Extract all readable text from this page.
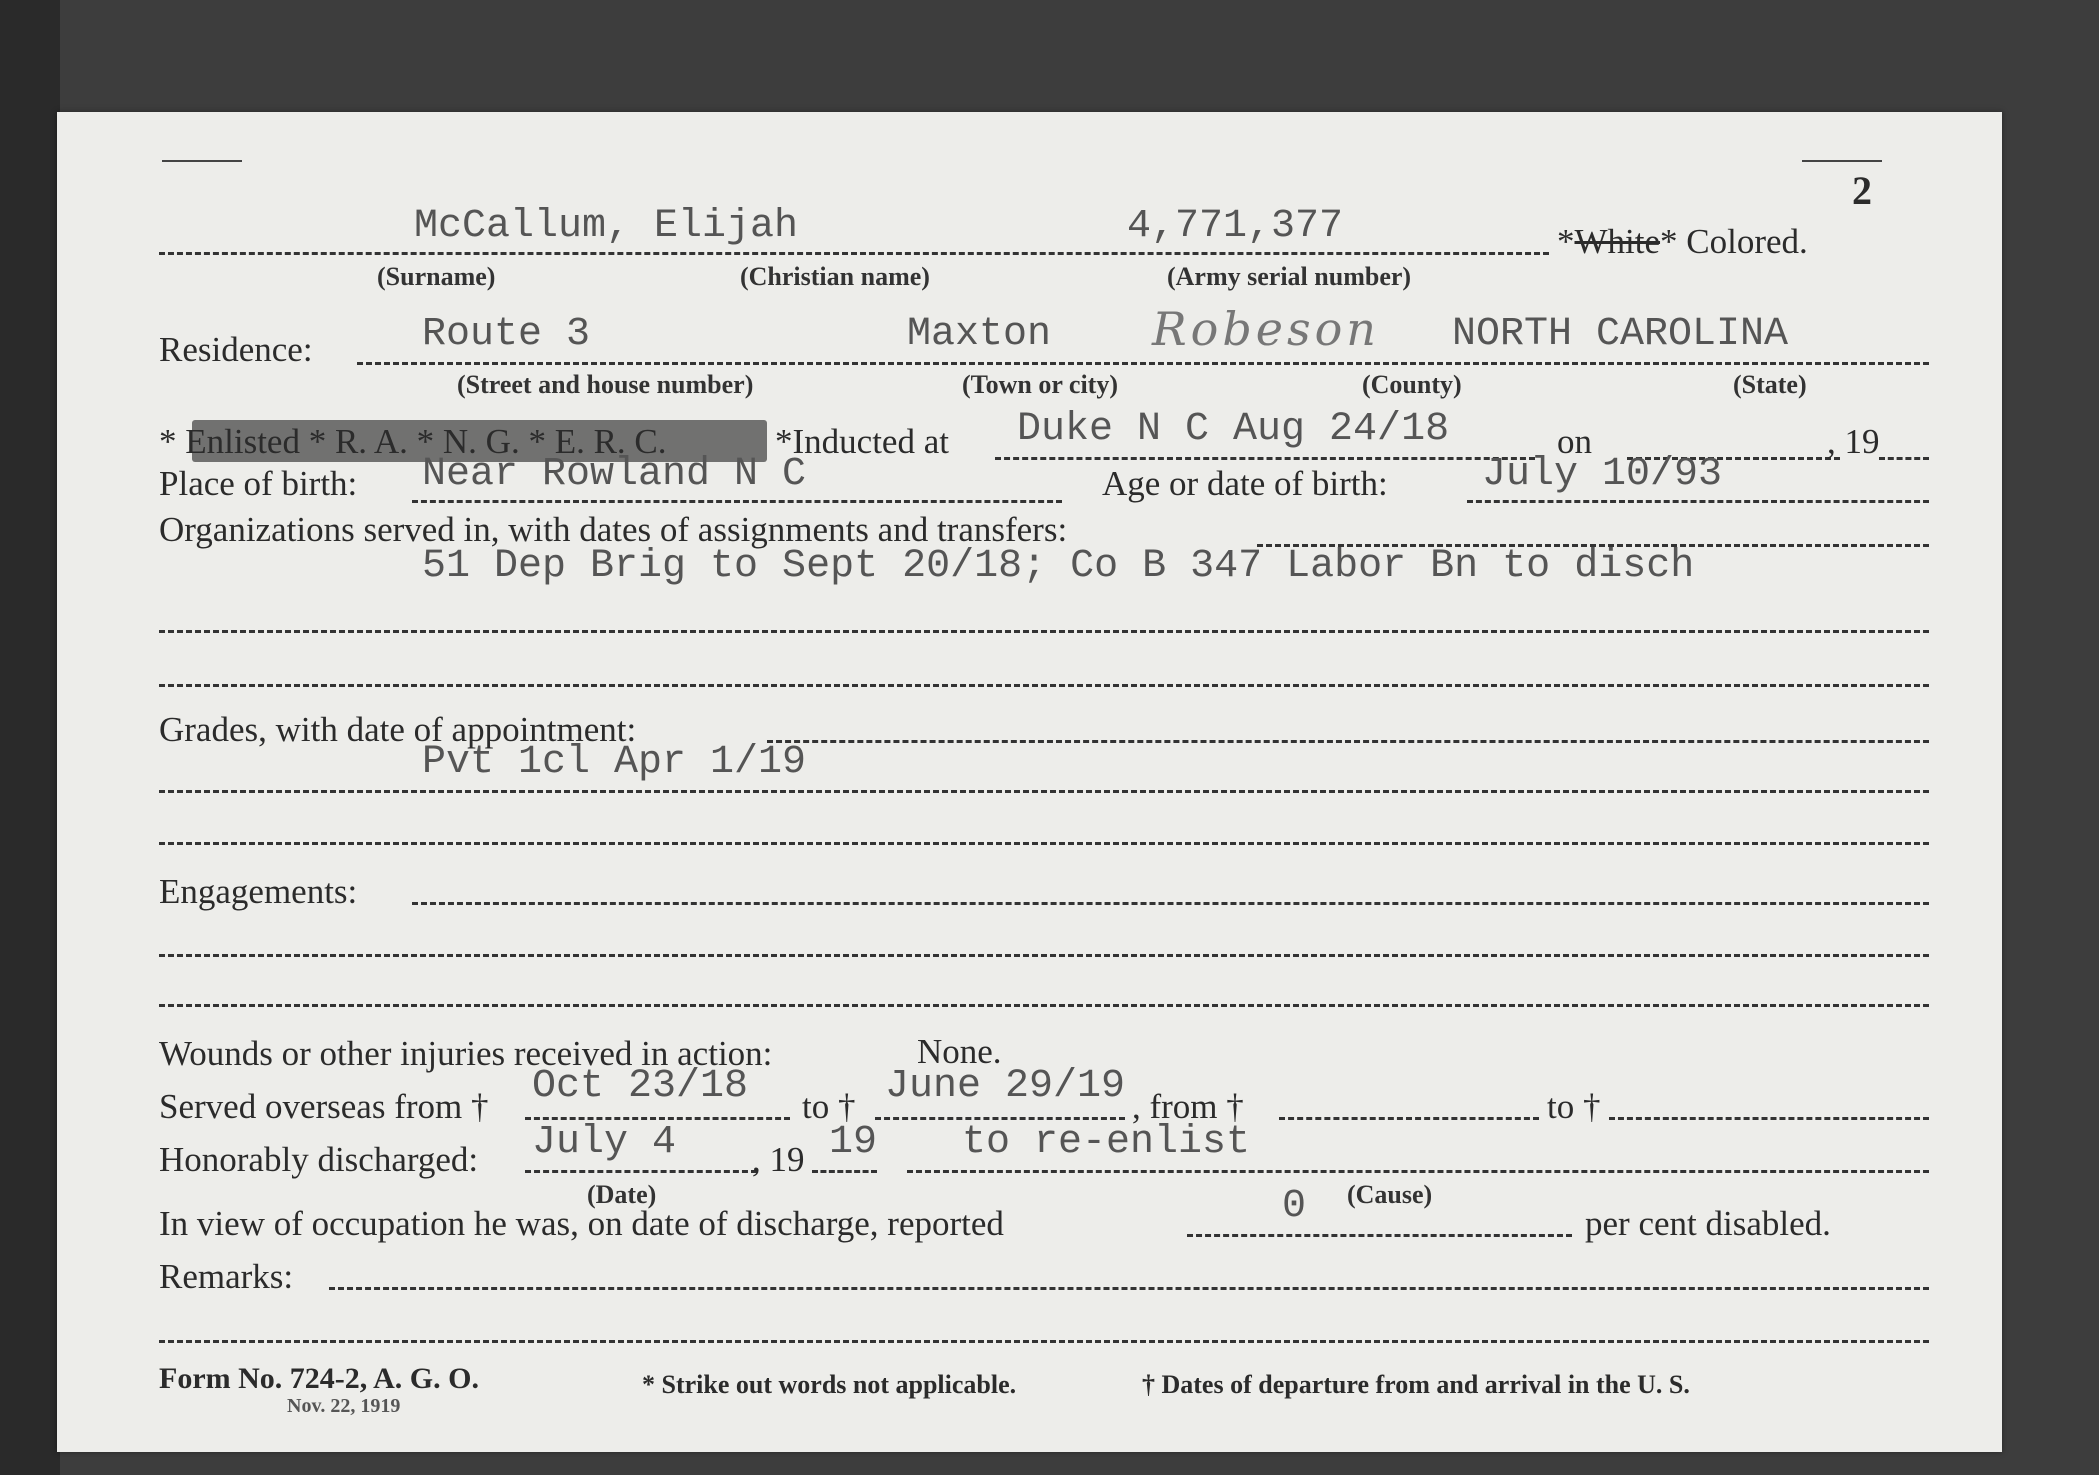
2
McCallum, Elijah	4,771,377	*White* Colored.
(Surname)	(Christian name)	(Army serial number)
Residence:	Route 3	Maxton Robeson NORTH CAROLINA
(Street and house number)	(Town or city)	(County)	(State)
* Enlisted * R. A. * N. G. * E. R. C.	*Inducted at Duke N C Aug 24/18	on	, 19
Place of birth: Near Rowland N C	Age or date of birth: July 10/93
Organizations served in, with dates of assignments and transfers:
51 Dep Brig to Sept 20/18; Co B 347 Labor Bn to disch
Grades, with date of appointment:
Pvt 1cl Apr 1/19
Engagements:
Wounds or other injuries received in action:	None.
Served overseas from † Oct 23/18 to † June 29/19 , from †	to †
Honorably discharged: July 4 , 19 19 to re-enlist
(Date)	(Cause)
In view of occupation he was, on date of discharge, reported	0	per cent disabled.
Remarks:
Form No. 724-2, A. G. O.
Nov. 22, 1919
* Strike out words not applicable.	† Dates of departure from and arrival in the U. S.
